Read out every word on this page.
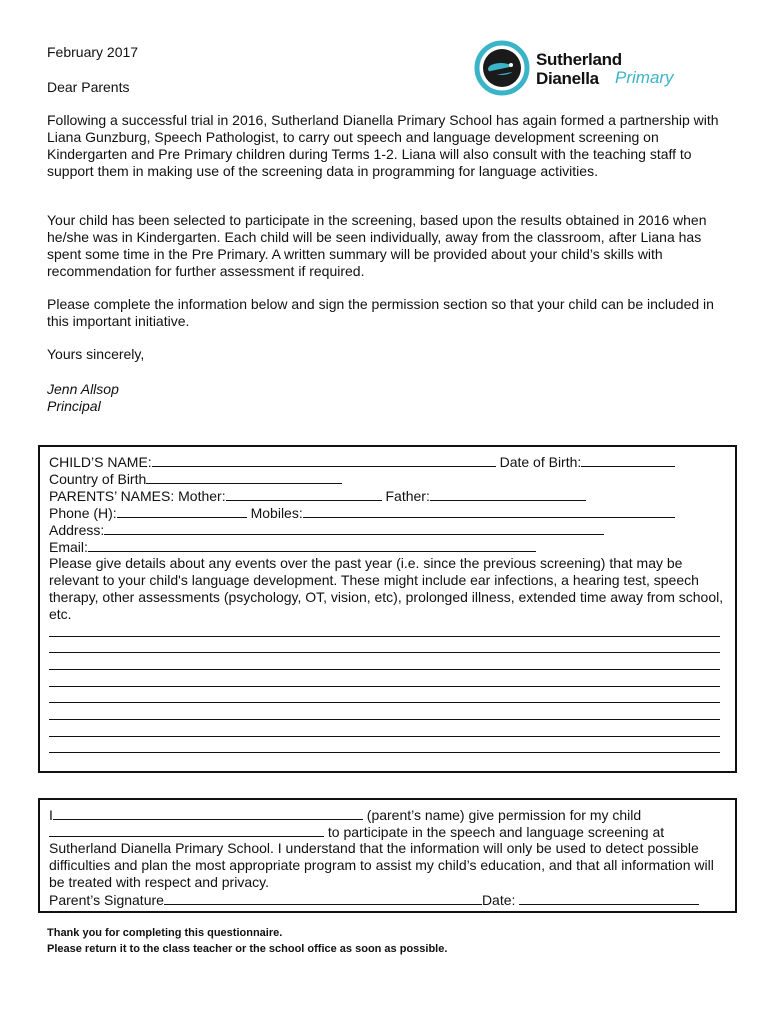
February 2017	Sutherland
Dianella Primary
Dear Parents

Following a successful trial in 2016, Sutherland Dianella Primary School has again formed a partnership with Liana Gunzburg, Speech Pathologist, to carry out speech and language development screening on Kindergarten and Pre Primary children during Terms 1-2. Liana will also consult with the teaching staff to support them in making use of the screening data in programming for language activities.

Your child has been selected to participate in the screening, based upon the results obtained in 2016 when he/she was in Kindergarten. Each child will be seen individually, away from the classroom, after Liana has spent some time in the Pre Primary. A written summary will be provided about your child’s skills with recommendation for further assessment if required.

Please complete the information below and sign the permission section so that your child can be included in this important initiative.

Yours sincerely,
Jenn Allsop
Principal
CHILD’S NAME:	Date of Birth:
Country of Birth
PARENTS’ NAMES: Mother:	Father:
Phone (H):	Mobiles:
Address:
Email:

Please give details about any events over the past year (i.e. since the previous screening) that may be relevant to your child's language development. These might include ear infections, a hearing test, speech therapy, other assessments (psychology, OT, vision, etc), prolonged illness, extended time away from school, etc.

I	(parent’s name) give permission for my child
to participate in the speech and language screening at

Sutherland Dianella Primary School. I understand that the information will only be used to detect possible difficulties and plan the most appropriate program to assist my child’s education, and that all information will be treated with respect and privacy.

Parent’s Signature	Date:
Thank you for completing this questionnaire.
Please return it to the class teacher or the school office as soon as possible.
